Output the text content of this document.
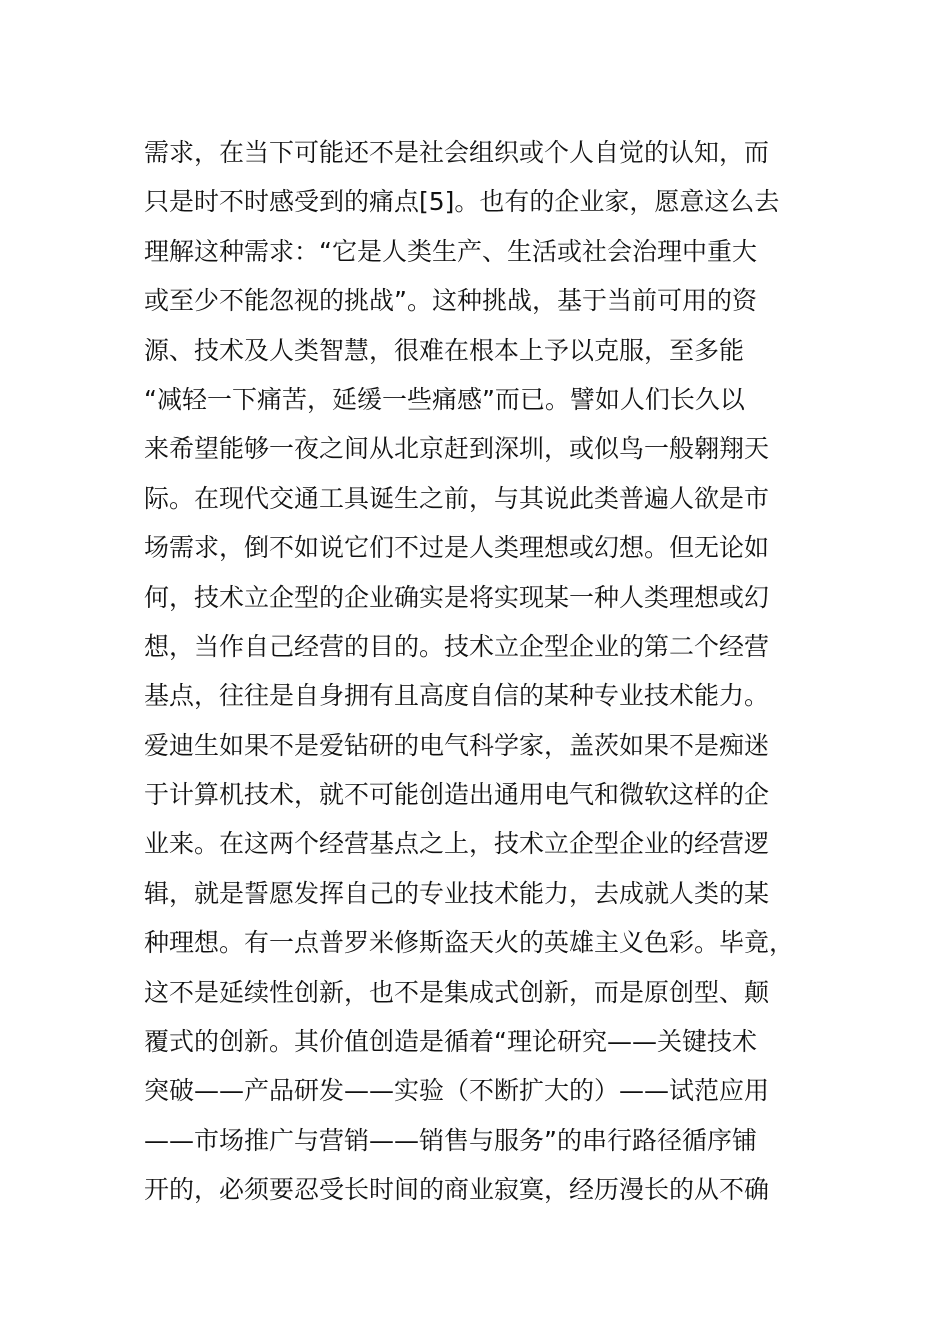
需求，在当下可能还不是社会组织或个人自觉的认知，而
只是时不时感受到的痛点[5]。也有的企业家，愿意这么去
理解这种需求：“它是人类生产、生活或社会治理中重大
或至少不能忽视的挑战”。这种挑战，基于当前可用的资
源、技术及人类智慧，很难在根本上予以克服，至多能
“减轻一下痛苦，延缓一些痛感”而已。譬如人们长久以
来希望能够一夜之间从北京赶到深圳，或似鸟一般翱翔天
际。在现代交通工具诞生之前，与其说此类普遍人欲是市
场需求，倒不如说它们不过是人类理想或幻想。但无论如
何，技术立企型的企业确实是将实现某一种人类理想或幻
想，当作自己经营的目的。技术立企型企业的第二个经营
基点，往往是自身拥有且高度自信的某种专业技术能力。
爱迪生如果不是爱钻研的电气科学家，盖茨如果不是痴迷
于计算机技术，就不可能创造出通用电气和微软这样的企
业来。在这两个经营基点之上，技术立企型企业的经营逻
辑，就是誓愿发挥自己的专业技术能力，去成就人类的某
种理想。有一点普罗米修斯盗天火的英雄主义色彩。毕竟，
这不是延续性创新，也不是集成式创新，而是原创型、颠
覆式的创新。其价值创造是循着“理论研究——关键技术
突破——产品研发——实验（不断扩大的）——试范应用
——市场推广与营销——销售与服务”的串行路径循序铺
开的，必须要忍受长时间的商业寂寞，经历漫长的从不确
